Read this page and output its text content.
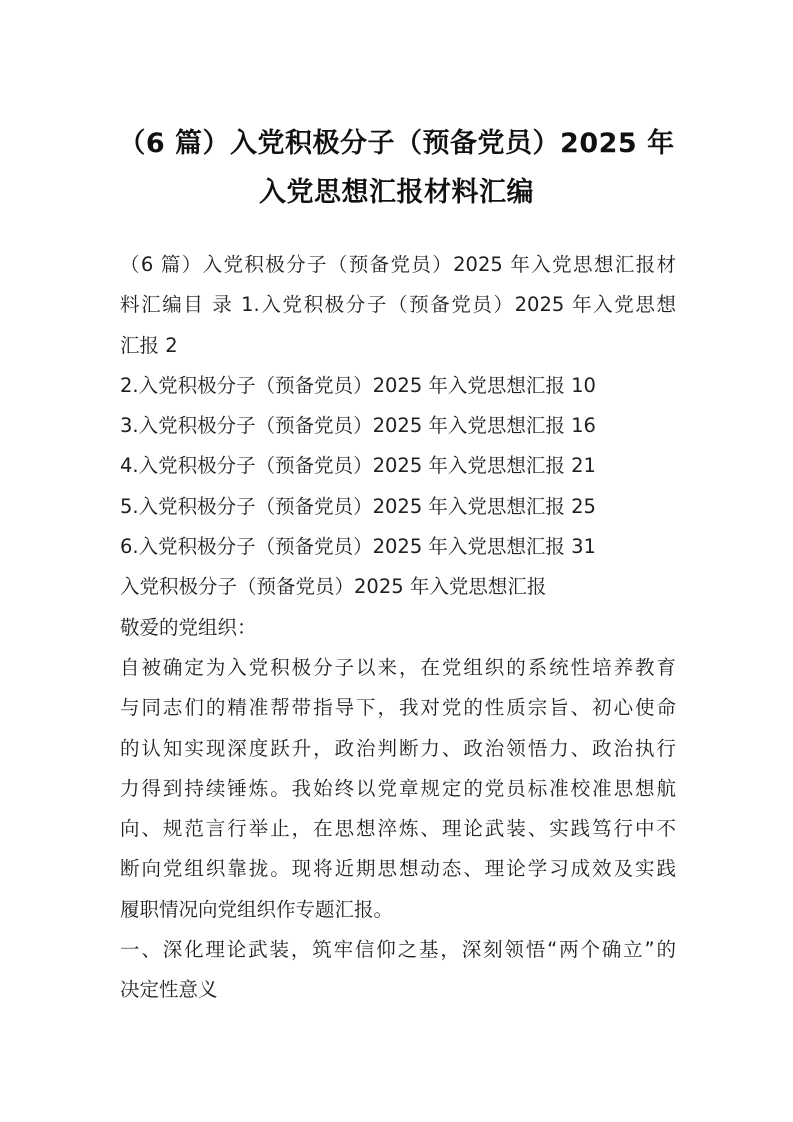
（6 篇）入党积极分子（预备党员）2025 年
入党思想汇报材料汇编
（6 篇）入党积极分子（预备党员）2025 年入党思想汇报材
料汇编目 录 1.入党积极分子（预备党员）2025 年入党思想
汇报 2
2.入党积极分子（预备党员）2025 年入党思想汇报 10
3.入党积极分子（预备党员）2025 年入党思想汇报 16
4.入党积极分子（预备党员）2025 年入党思想汇报 21
5.入党积极分子（预备党员）2025 年入党思想汇报 25
6.入党积极分子（预备党员）2025 年入党思想汇报 31
入党积极分子（预备党员）2025 年入党思想汇报
敬爱的党组织：
自被确定为入党积极分子以来，在党组织的系统性培养教育
与同志们的精准帮带指导下，我对党的性质宗旨、初心使命
的认知实现深度跃升，政治判断力、政治领悟力、政治执行
力得到持续锤炼。我始终以党章规定的党员标准校准思想航
向、规范言行举止，在思想淬炼、理论武装、实践笃行中不
断向党组织靠拢。现将近期思想动态、理论学习成效及实践
履职情况向党组织作专题汇报。
一、深化理论武装，筑牢信仰之基，深刻领悟“两个确立”的
决定性意义
